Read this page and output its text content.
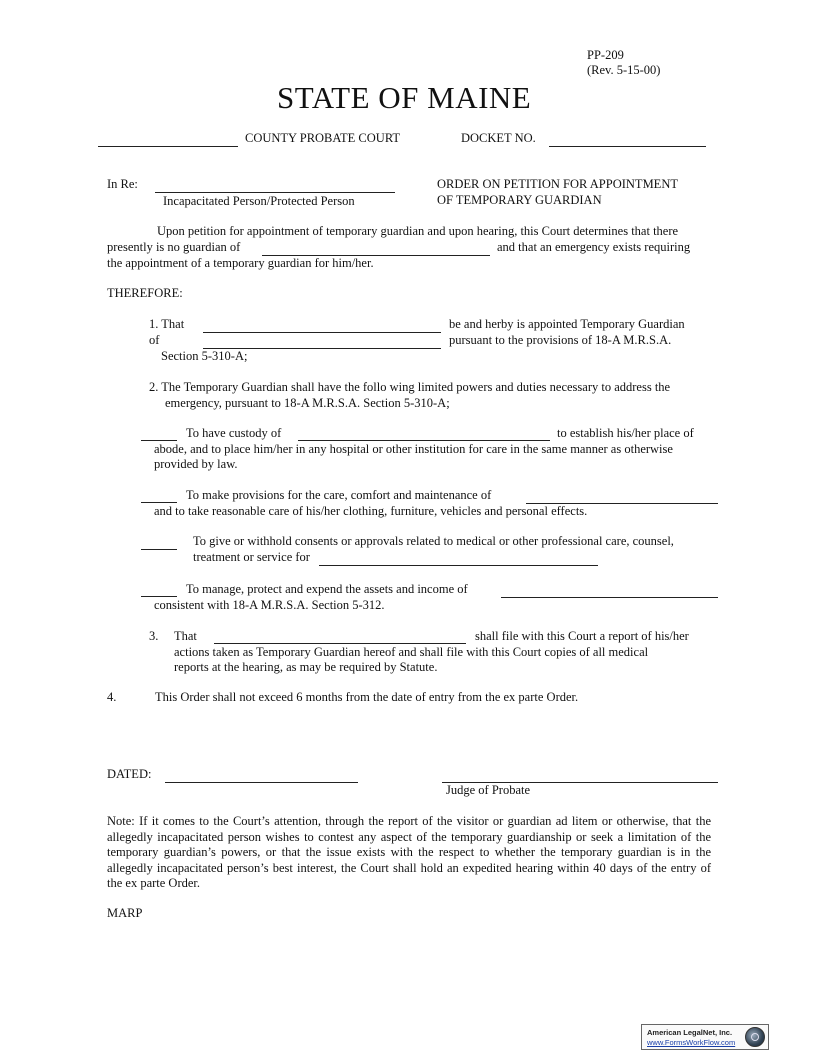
PP-209
(Rev. 5-15-00)
STATE OF MAINE
COUNTY PROBATE COURT	DOCKET NO.
In Re:
Incapacitated Person/Protected Person
ORDER ON PETITION FOR APPOINTMENT
OF TEMPORARY GUARDIAN
Upon petition for appointment of temporary guardian and upon hearing, this Court determines that there
presently is no guardian of	and that an emergency exists requiring
the appointment of a temporary guardian for him/her.
THEREFORE:
1. That	be and herby is appointed Temporary Guardian
of	pursuant to the provisions of 18-A M.R.S.A.
Section 5-310-A;
2. The Temporary Guardian shall have the follo wing limited powers and duties necessary to address the
emergency, pursuant to 18-A M.R.S.A. Section 5-310-A;
To have custody of	to establish his/her place of
abode, and to place him/her in any hospital or other institution for care in the same manner as otherwise
provided by law.
To make provisions for the care, comfort and maintenance of
and to take reasonable care of his/her clothing, furniture, vehicles and personal effects.
To give or withhold consents or approvals related to medical or other professional care, counsel,
treatment or service for
To manage, protect and expend the assets and income of
consistent with 18-A M.R.S.A. Section 5-312.
3. That	shall file with this Court a report of his/her
actions taken as Temporary Guardian hereof and shall file with this Court copies of all medical
reports at the hearing, as may be required by Statute.
4.	This Order shall not exceed 6 months from the date of entry from the ex parte Order.
DATED:
Judge of Probate
Note: If it comes to the Court’s attention, through the report of the visitor or guardian ad litem or otherwise, that the allegedly incapacitated person wishes to contest any aspect of the temporary guardianship or seek a limitation of the temporary guardian’s powers, or that the issue exists with the respect to whether the temporary guardian is in the allegedly incapacitated person’s best interest, the Court shall hold an expedited hearing within 40 days of the entry of the ex parte Order.
MARP
American LegalNet, Inc.
www.FormsWorkFlow.com
